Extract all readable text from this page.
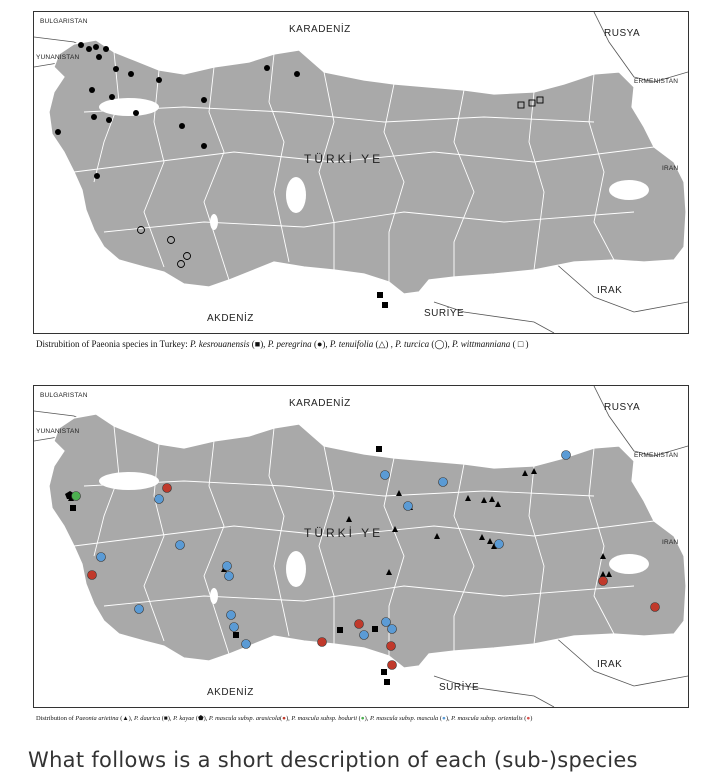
BULGARISTAN
YUNANISTAN
KARADENİZ	RUSYA
ERMENISTAN
IRAN
TÜRKİ YE
IRAK
SURİYE
AKDENİZ
Distrubition of Paeonia species in Turkey: P. kesrouanensis (■), P. peregrina (●), P. tenuifolia (△) , P. turcica (◯), P. wittmanniana ( □ )
BULGARISTAN
YUNANISTAN
KARADENİZ	RUSYA
ERMENISTAN
IRAN
TÜRKİ YE
IRAK
SURİYE
AKDENİZ
Distribution of Paeonia arietina (▲), P. daurica (■), P. kayae (⬟), P. mascula subsp. arasicola(●), P. mascula subsp. bodurii (●), P. mascula subsp. mascula (●), P. mascula subsp. orientalis (●)
What follows is a short description of each (sub-)species
